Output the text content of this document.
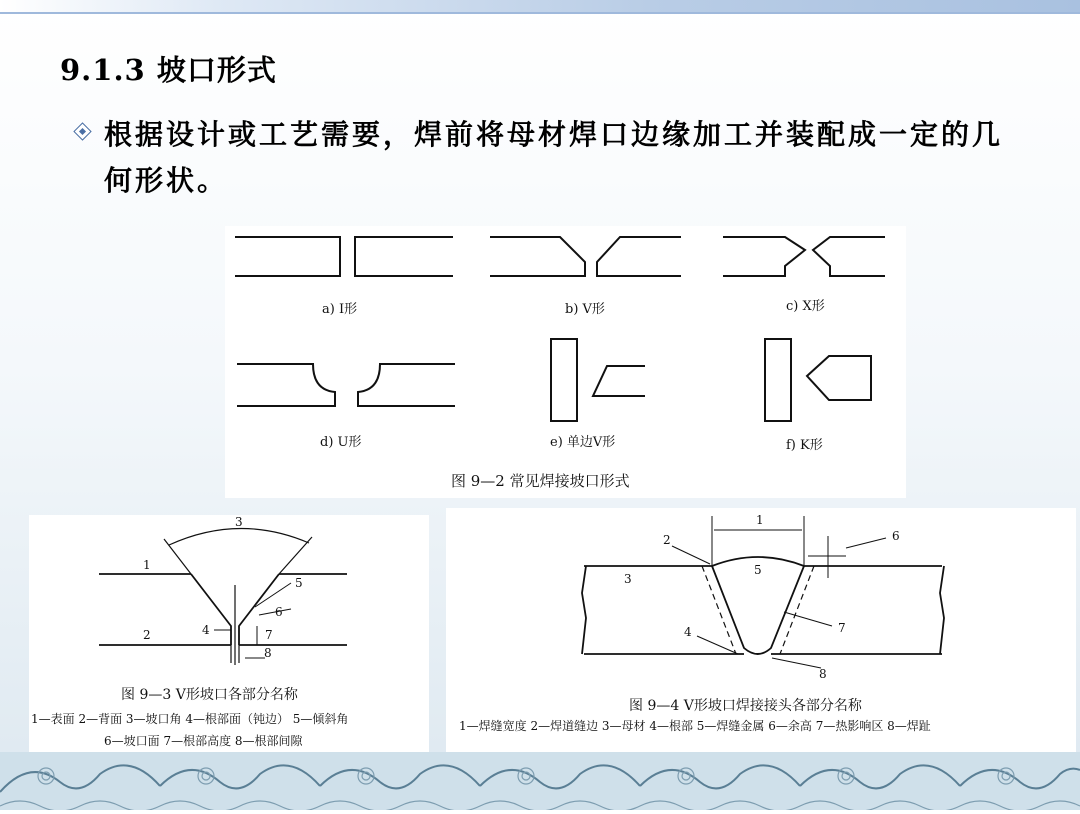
9.1.3 坡口形式
根据设计或工艺需要，焊前将母材焊口边缘加工并装配成一定的几何形状。
a) I形	b) V形	c) X形
d) U形	e) 单边V形	f) K形
图 9—2 常见焊接坡口形式
3
1
5
6
4	7
2
8
图 9—3 V形坡口各部分名称
1—表面 2—背面 3—坡口角 4—根部面（钝边） 5—倾斜角
6—坡口面 7—根部高度 8—根部间隙
1
2	6
5
3
4	7
8
图 9—4 V形坡口焊接接头各部分名称
1—焊缝宽度 2—焊道缝边 3—母材 4—根部 5—焊缝金属 6—余高 7—热影响区 8—焊趾
